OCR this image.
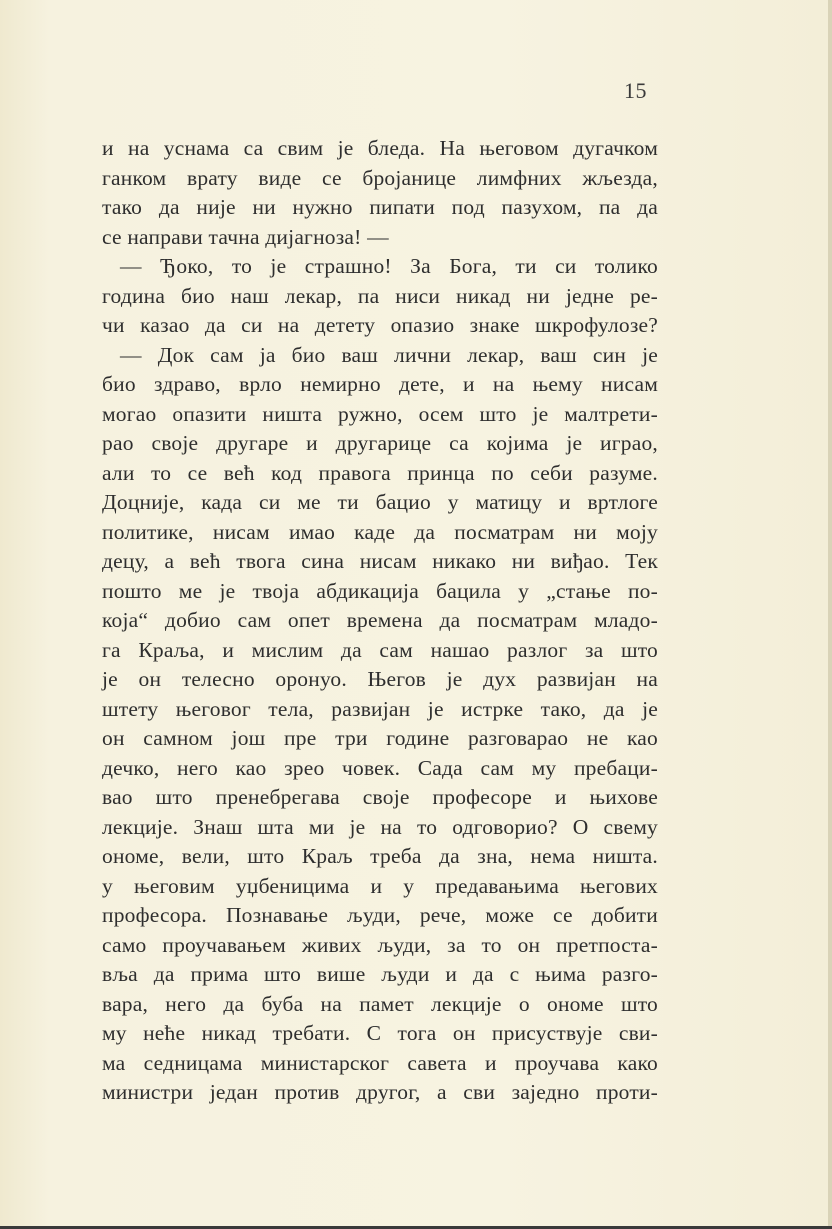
15
и на уснама са свим је бледа. На његовом дугачком
ганком врату виде се бројанице лимфних жљезда,
тако да није ни нужно пипати под пазухом, па да
се направи тачна дијагноза! —
— Ђоко, то је страшно! За Бога, ти си толико
година био наш лекар, па ниси никад ни једне ре-
чи казао да си на детету опазио знаке шкрофулозе?
— Док сам ја био ваш лични лекар, ваш син је
био здраво, врло немирно дете, и на њему нисам
могао опазити ништа ружно, осем што је малтрети-
рао своје другаре и другарице са којима је играо,
али то се већ код правога принца по себи разуме.
Доцније, када си ме ти бацио у матицу и вртлоге
политике, нисам имао каде да посматрам ни моју
децу, а већ твога сина нисам никако ни виђао. Тек
пошто ме је твоја абдикација бацила у „стање по-
којa“ добио сам опет времена да посматрам младо-
га Краља, и мислим да сам нашао разлог за што
је он телесно оронуо. Његов је дух развијан на
штету његовог тела, развијан је истрке тако, да је
он самном још пре три године разговарао не као
дечко, него као зрео човек. Сада сам му пребаци-
вао што пренебрегава своје професоре и њихове
лекције. Знаш шта ми је на то одговорио? О свему
ономе, вели, што Краљ треба да зна, нема ништа.
у његовим уџбеницима и у предавањима његових
професора. Познавање људи, рече, може се добити
само проучавањем живих људи, за то он претпоста-
вља да прима што више људи и да с њима разго-
вара, него да буба на памет лекције о ономе што
му неће никад требати. С тога он присуствује сви-
ма седницама министарског савета и проучава како
министри један против другог, а сви заједно проти-
